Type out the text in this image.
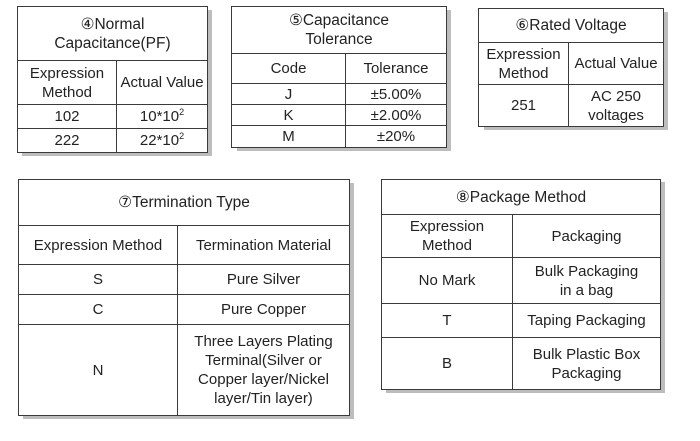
④Normal
Capacitance(PF)	
Expression Method	Actual Value
102	$10*10^2$
222	$22*10^2$
⑤Capacitance
Tolerance	
Code	Tolerance
J	±5.00%
K	±2.00%
M	±20%
⑥Rated Voltage	
Expression Method	Actual Value
251	AC 250 voltages
⑦Termination Type	
Expression Method	Termination Material
S	Pure Silver
C	Pure Copper
N	Three Layers Plating Terminal(Silver or Copper layer/Nickel layer/Tin layer)
⑧Package Method	
Expression Method	Packaging
No Mark	Bulk Packaging in a bag
T	Taping Packaging
B	Bulk Plastic Box Packaging
